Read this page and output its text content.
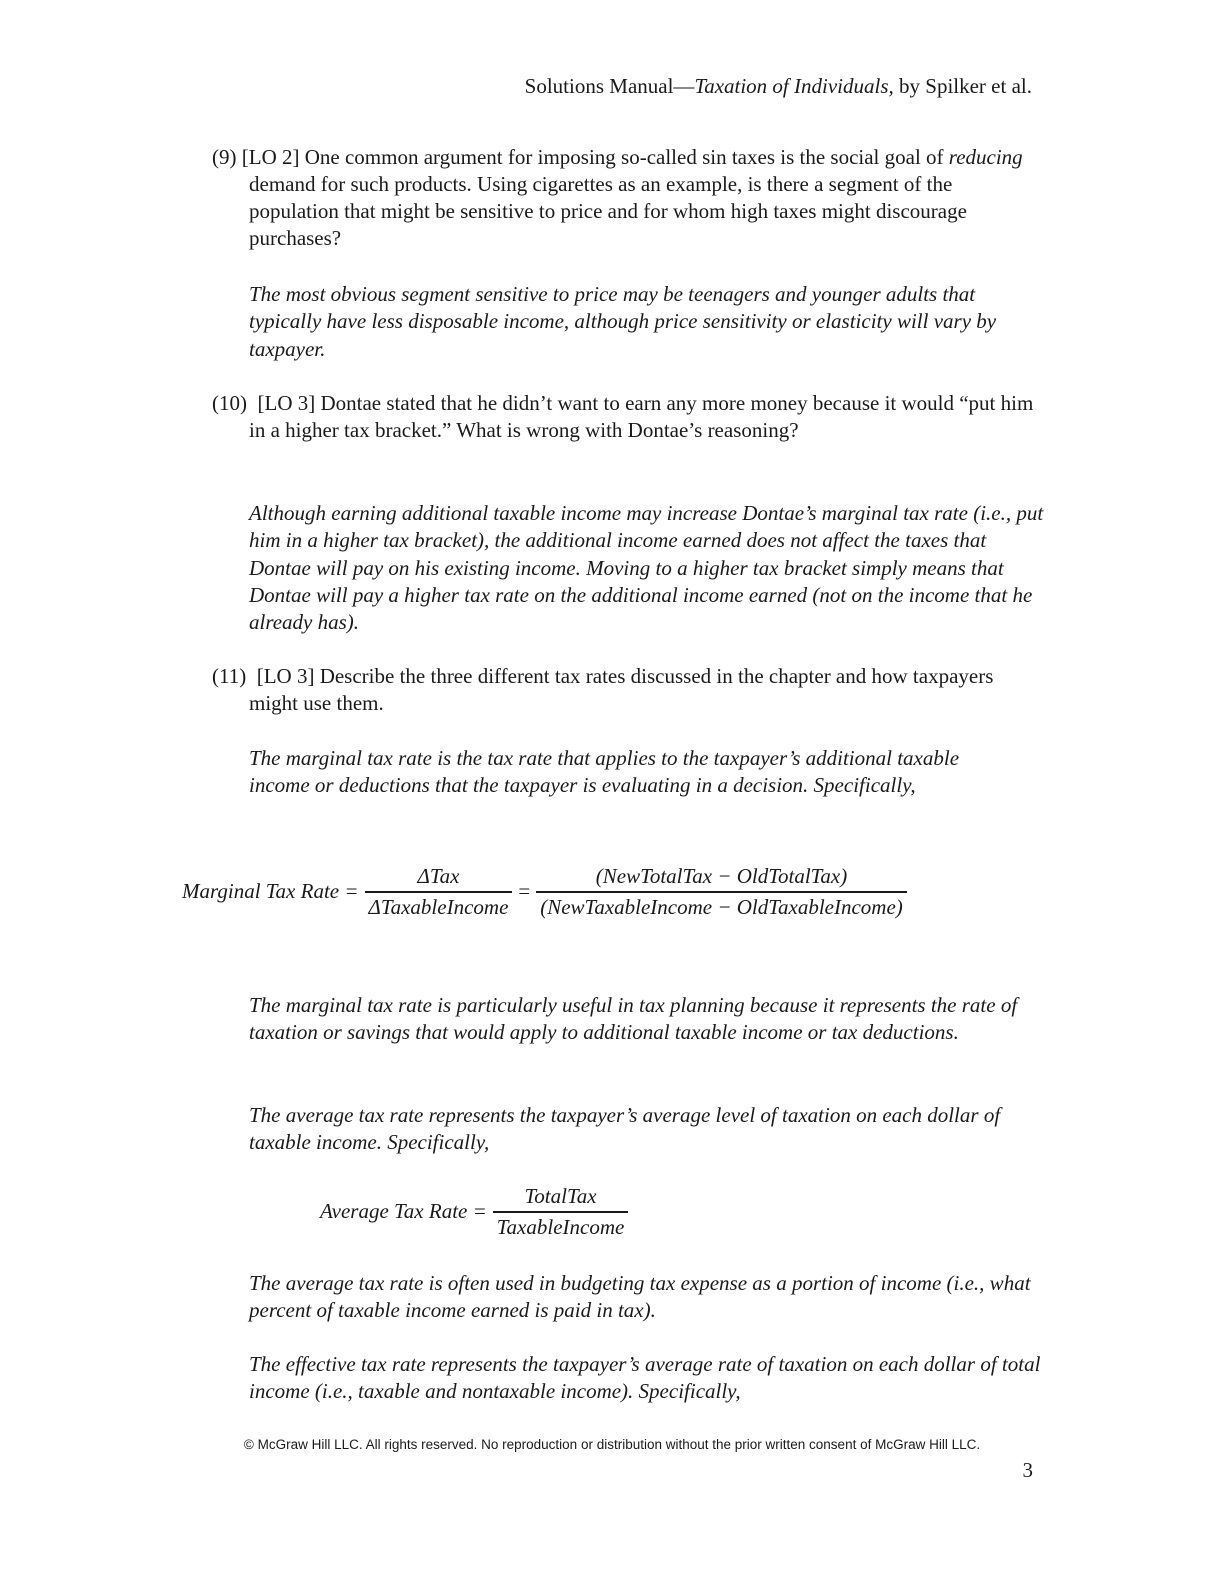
Solutions Manual—Taxation of Individuals, by Spilker et al.
(9) [LO 2] One common argument for imposing so-called sin taxes is the social goal of reducing demand for such products. Using cigarettes as an example, is there a segment of the population that might be sensitive to price and for whom high taxes might discourage purchases?
The most obvious segment sensitive to price may be teenagers and younger adults that typically have less disposable income, although price sensitivity or elasticity will vary by taxpayer.
(10) [LO 3] Dontae stated that he didn’t want to earn any more money because it would “put him in a higher tax bracket.” What is wrong with Dontae’s reasoning?
Although earning additional taxable income may increase Dontae’s marginal tax rate (i.e., put him in a higher tax bracket), the additional income earned does not affect the taxes that Dontae will pay on his existing income. Moving to a higher tax bracket simply means that Dontae will pay a higher tax rate on the additional income earned (not on the income that he already has).
(11) [LO 3] Describe the three different tax rates discussed in the chapter and how taxpayers might use them.
The marginal tax rate is the tax rate that applies to the taxpayer’s additional taxable income or deductions that the taxpayer is evaluating in a decision. Specifically,
Marginal Tax Rate = $\frac{\text{ΔTax}}{\text{ΔTaxableIncome}} = \frac{\text{(NewTotalTax − OldTotalTax)}}{\text{(NewTaxableIncome − OldTaxableIncome)}}$
The marginal tax rate is particularly useful in tax planning because it represents the rate of taxation or savings that would apply to additional taxable income or tax deductions.
The average tax rate represents the taxpayer’s average level of taxation on each dollar of taxable income. Specifically,
Average Tax Rate = $\frac{\text{TotalTax}}{\text{TaxableIncome}}$
The average tax rate is often used in budgeting tax expense as a portion of income (i.e., what percent of taxable income earned is paid in tax).
The effective tax rate represents the taxpayer’s average rate of taxation on each dollar of total income (i.e., taxable and nontaxable income). Specifically,
© McGraw Hill LLC. All rights reserved. No reproduction or distribution without the prior written consent of McGraw Hill LLC.
3
